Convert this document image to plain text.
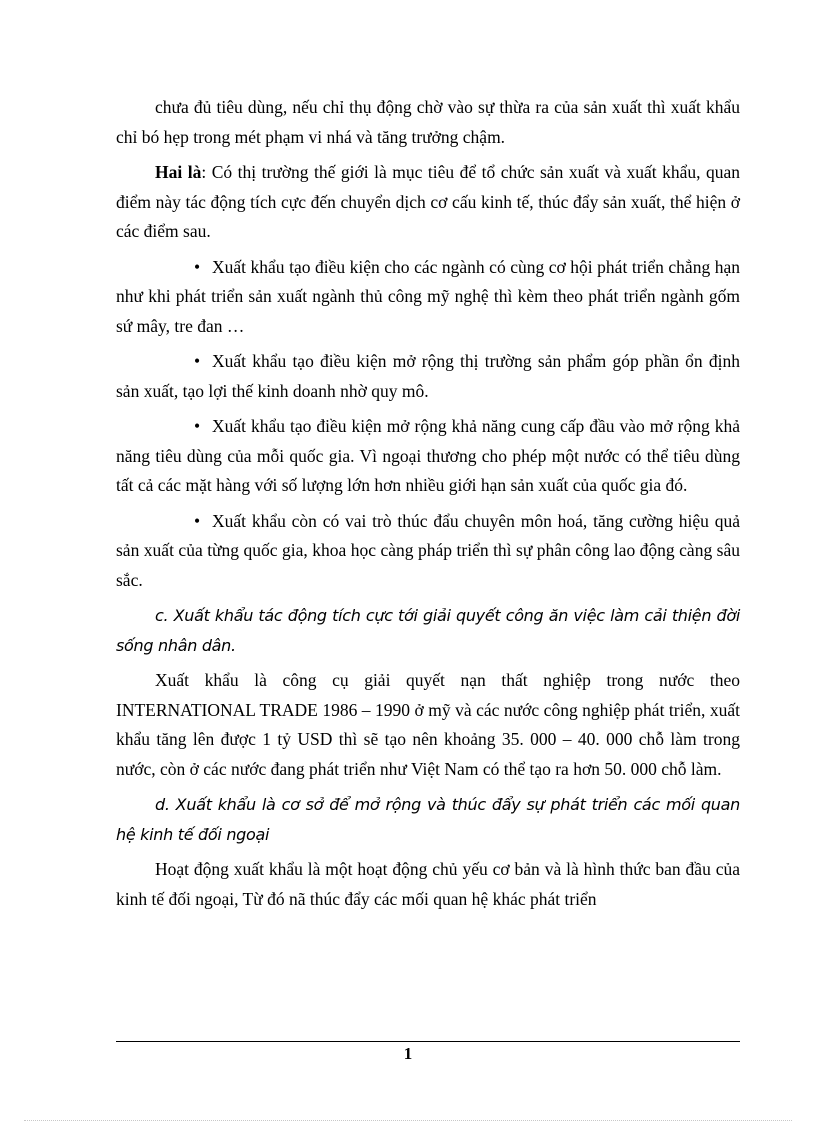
chưa đủ tiêu dùng, nếu chỉ thụ động chờ vào sự thừa ra của sản xuất thì xuất khẩu chỉ bó hẹp trong mét phạm vi nhá và tăng trưởng chậm.

Hai là: Có thị trường thế giới là mục tiêu để tổ chức sản xuất và xuất khẩu, quan điểm này tác động tích cực đến chuyển dịch cơ cấu kinh tế, thúc đẩy sản xuất, thể hiện ở các điểm sau.

• Xuất khẩu tạo điều kiện cho các ngành có cùng cơ hội phát triển chẳng hạn như khi phát triển sản xuất ngành thủ công mỹ nghệ thì kèm theo phát triển ngành gốm sứ mây, tre đan …

• Xuất khẩu tạo điều kiện mở rộng thị trường sản phẩm góp phần ổn định sản xuất, tạo lợi thế kinh doanh nhờ quy mô.

• Xuất khẩu tạo điều kiện mở rộng khả năng cung cấp đầu vào mở rộng khả năng tiêu dùng của mỗi quốc gia. Vì ngoại thương cho phép một nước có thể tiêu dùng tất cả các mặt hàng với số lượng lớn hơn nhiều giới hạn sản xuất của quốc gia đó.

• Xuất khẩu còn có vai trò thúc đẩu chuyên môn hoá, tăng cường hiệu quả sản xuất của từng quốc gia, khoa học càng pháp triển thì sự phân công lao động càng sâu sắc.

c. Xuất khẩu tác động tích cực tới giải quyết công ăn việc làm cải thiện đời sống nhân dân.

Xuất khẩu là công cụ giải quyết nạn thất nghiệp trong nước theo INTERNATIONAL TRADE 1986 – 1990 ở mỹ và các nước công nghiệp phát triển, xuất khẩu tăng lên được 1 tỷ USD thì sẽ tạo nên khoảng 35. 000 – 40. 000 chỗ làm trong nước, còn ở các nước đang phát triển như Việt Nam có thể tạo ra hơn 50. 000 chỗ làm.

d. Xuất khẩu là cơ sở để mở rộng và thúc đẩy sự phát triển các mối quan hệ kinh tế đối ngoại

Hoạt động xuất khẩu là một hoạt động chủ yếu cơ bản và là hình thức ban đầu của kinh tế đối ngoại, Từ đó nã thúc đẩy các mối quan hệ khác phát triển

1
